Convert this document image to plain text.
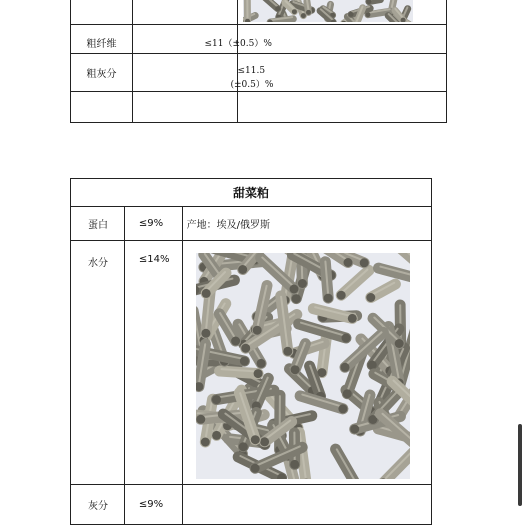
粗纤维	≤11（±0.5）%	

粗灰分	≤11.5
(±0.5）%	

甜菜粕		
蛋白	≤9%	产地：埃及/俄罗斯
水分	≤14%	

灰分	≤9%	
